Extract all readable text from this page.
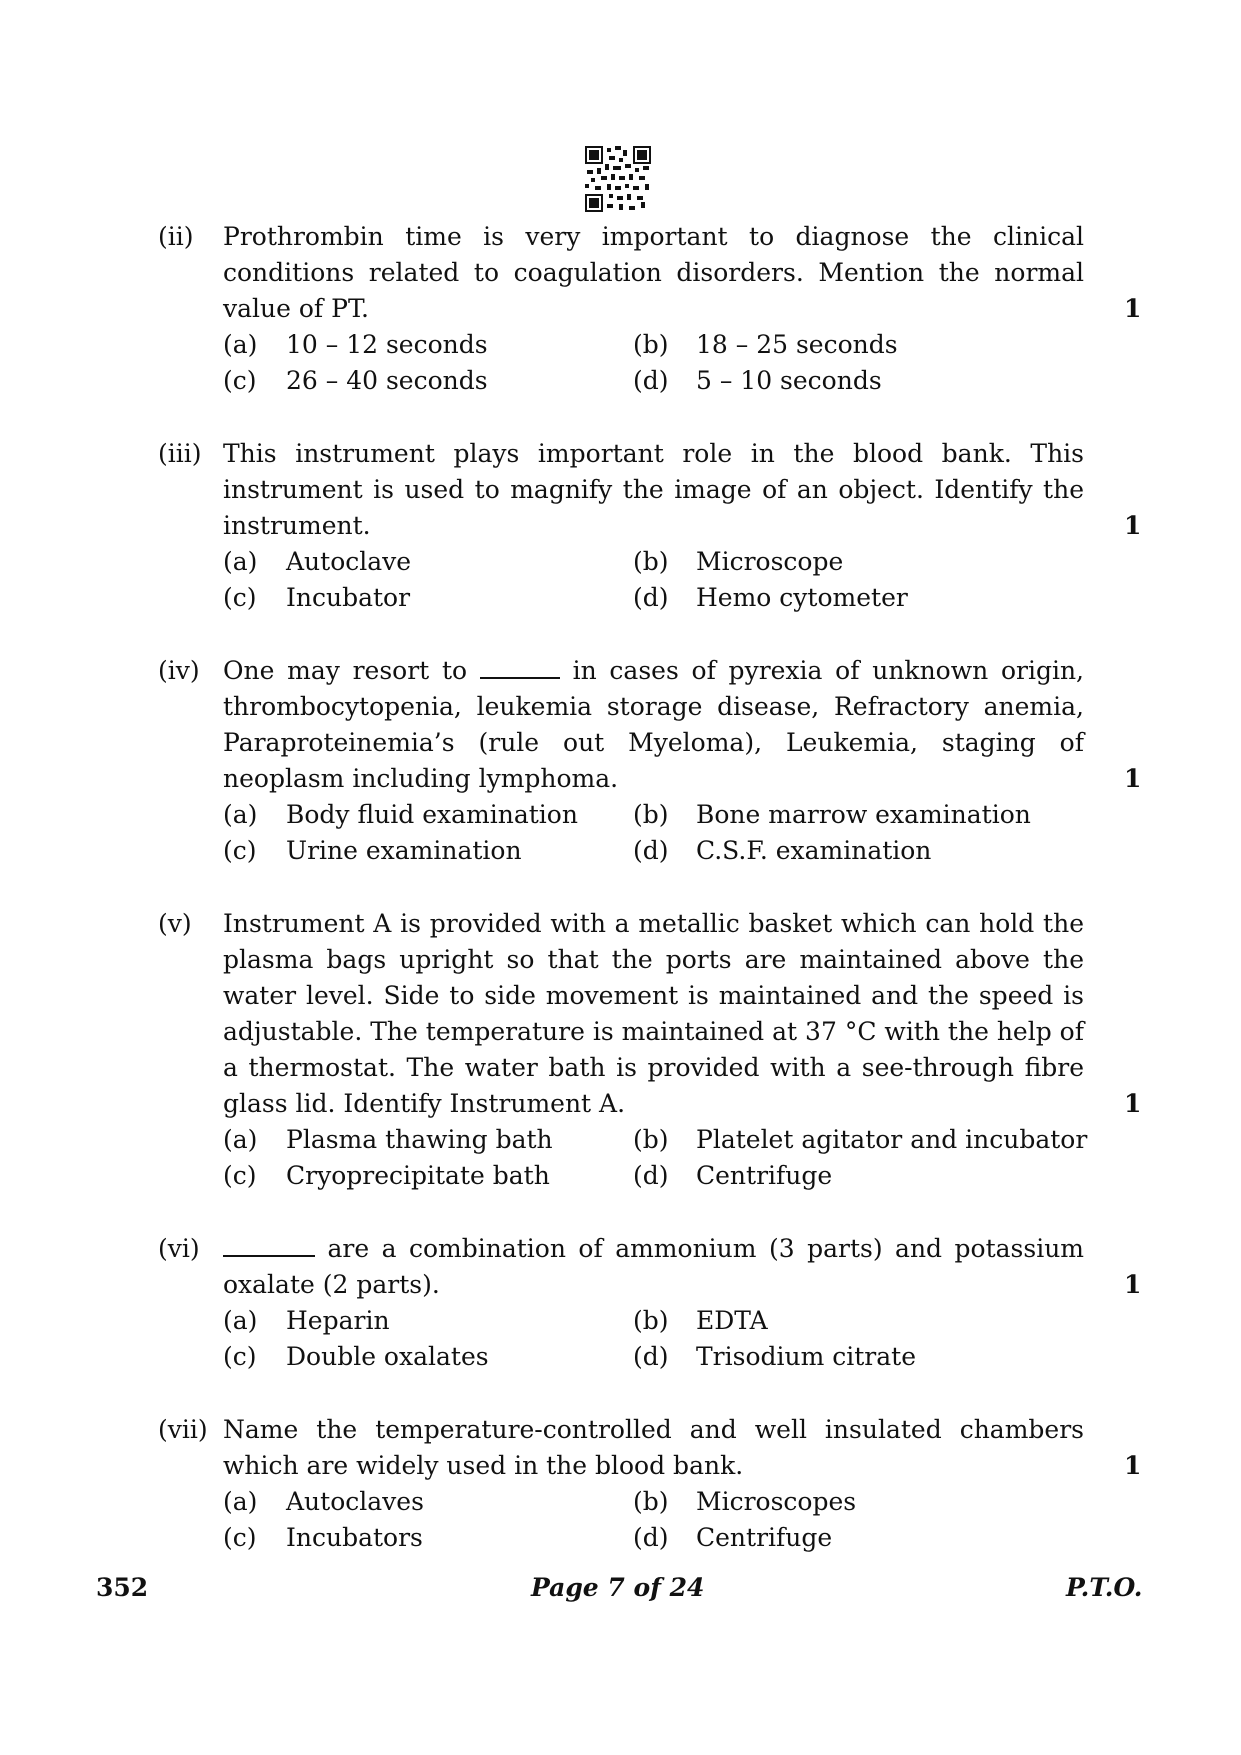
(ii) Prothrombin time is very important to diagnose the clinical
conditions related to coagulation disorders. Mention the normal
value of PT.	1
(a) 10 – 12 seconds	(b) 18 – 25 seconds
(c) 26 – 40 seconds	(d) 5 – 10 seconds
(iii) This instrument plays important role in the blood bank. This
instrument is used to magnify the image of an object. Identify the
instrument.	1
(a) Autoclave	(b) Microscope
(c) Incubator	(d) Hemo cytometer
(iv) One may resort to	in cases of pyrexia of unknown origin,
thrombocytopenia, leukemia storage disease, Refractory anemia,
Paraproteinemia’s (rule out Myeloma), Leukemia, staging of
neoplasm including lymphoma.	1
(a) Body fluid examination (b) Bone marrow examination
(c) Urine examination	(d) C.S.F. examination
(v) Instrument A is provided with a metallic basket which can hold the
plasma bags upright so that the ports are maintained above the
water level. Side to side movement is maintained and the speed is
adjustable. The temperature is maintained at 37 °C with the help of
a thermostat. The water bath is provided with a see-through fibre
glass lid. Identify Instrument A.	1
(a) Plasma thawing bath	(b) Platelet agitator and incubator
(c) Cryoprecipitate bath	(d) Centrifuge
(vi)	are a combination of ammonium (3 parts) and potassium
oxalate (2 parts).	1
(a) Heparin	(b) EDTA
(c) Double oxalates	(d) Trisodium citrate
(vii) Name the temperature-controlled and well insulated chambers
which are widely used in the blood bank.	1
(a) Autoclaves	(b) Microscopes
(c) Incubators	(d) Centrifuge
352	Page 7 of 24	P.T.O.
